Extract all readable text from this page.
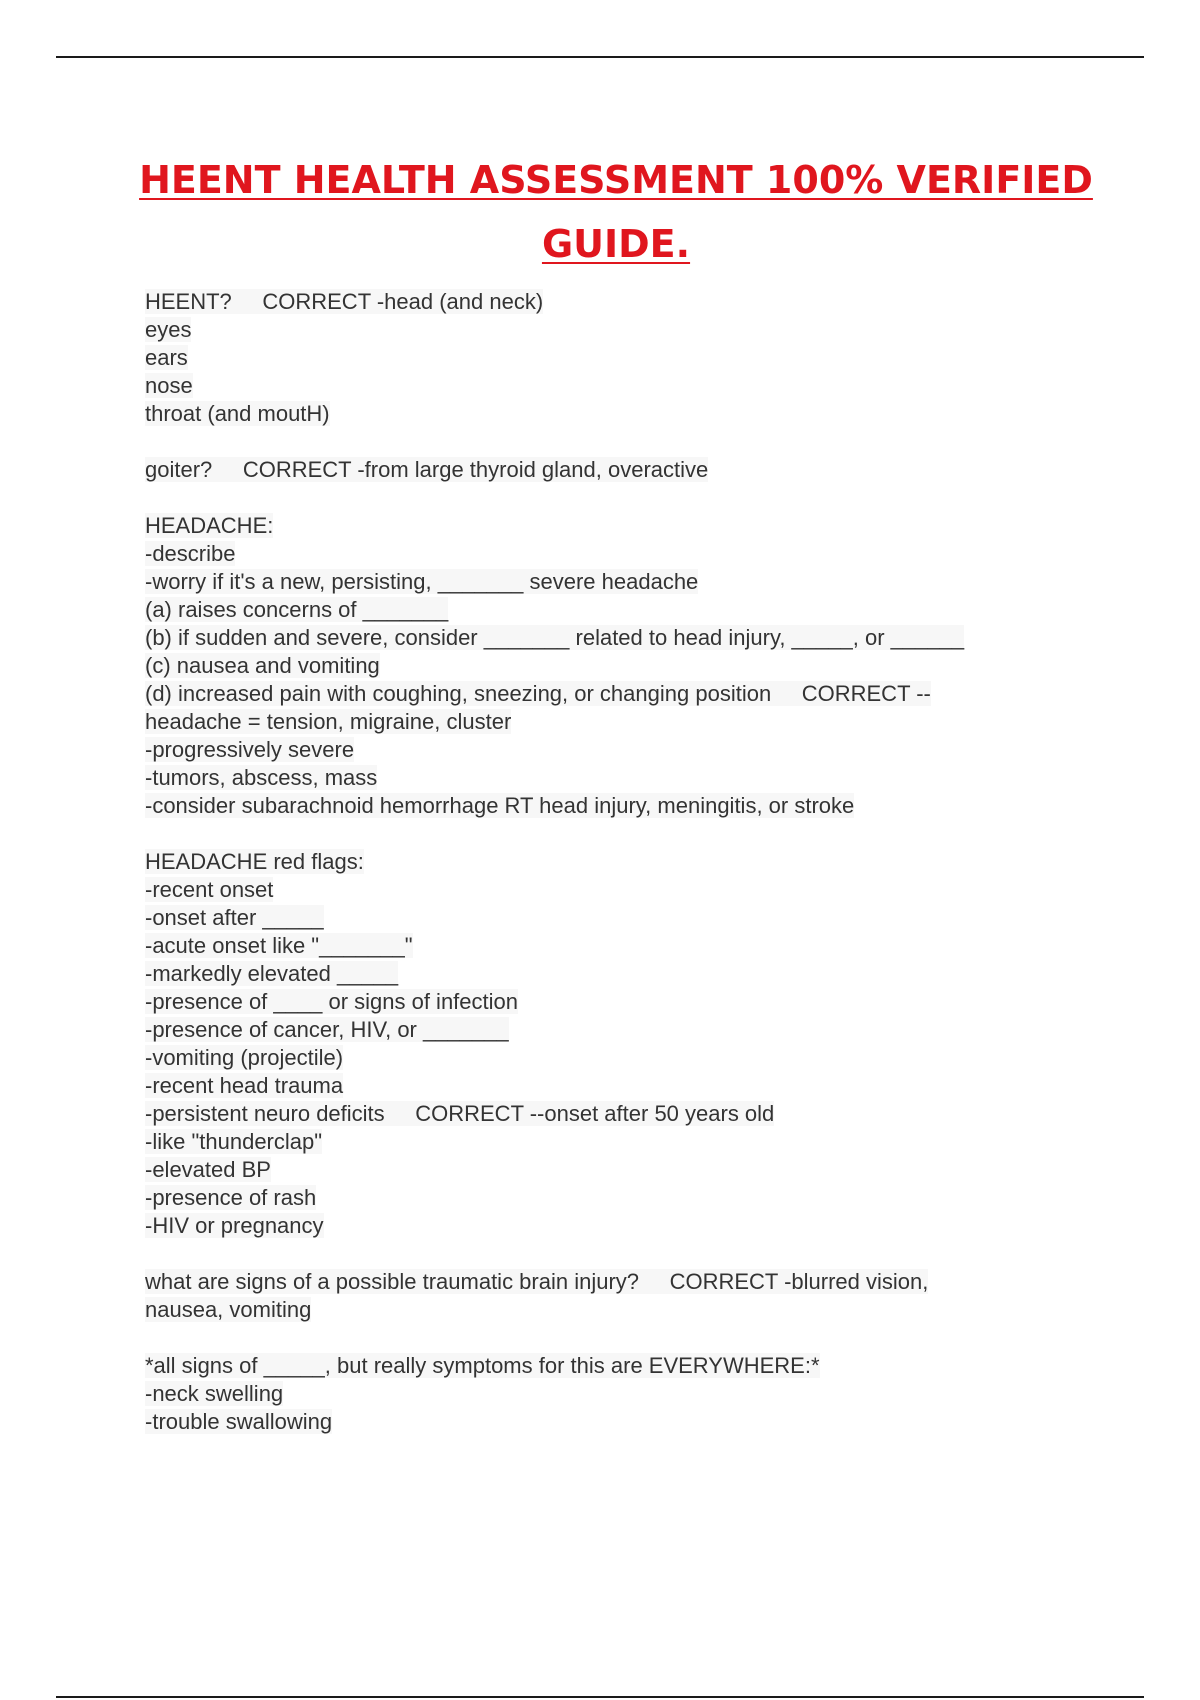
HEENT HEALTH ASSESSMENT 100% VERIFIED
GUIDE.
HEENT?     CORRECT -head (and neck)
eyes
ears
nose
throat (and moutH)
goiter?     CORRECT -from large thyroid gland, overactive
HEADACHE:
-describe
-worry if it's a new, persisting, _______ severe headache
(a) raises concerns of _______
(b) if sudden and severe, consider _______ related to head injury, _____, or ______
(c) nausea and vomiting
(d) increased pain with coughing, sneezing, or changing position     CORRECT --
headache = tension, migraine, cluster
-progressively severe
-tumors, abscess, mass
-consider subarachnoid hemorrhage RT head injury, meningitis, or stroke
HEADACHE red flags:
-recent onset
-onset after _____
-acute onset like "_______"
-markedly elevated _____
-presence of ____ or signs of infection
-presence of cancer, HIV, or _______
-vomiting (projectile)
-recent head trauma
-persistent neuro deficits     CORRECT --onset after 50 years old
-like "thunderclap"
-elevated BP
-presence of rash
-HIV or pregnancy
what are signs of a possible traumatic brain injury?     CORRECT -blurred vision,
nausea, vomiting
*all signs of _____, but really symptoms for this are EVERYWHERE:*
-neck swelling
-trouble swallowing
